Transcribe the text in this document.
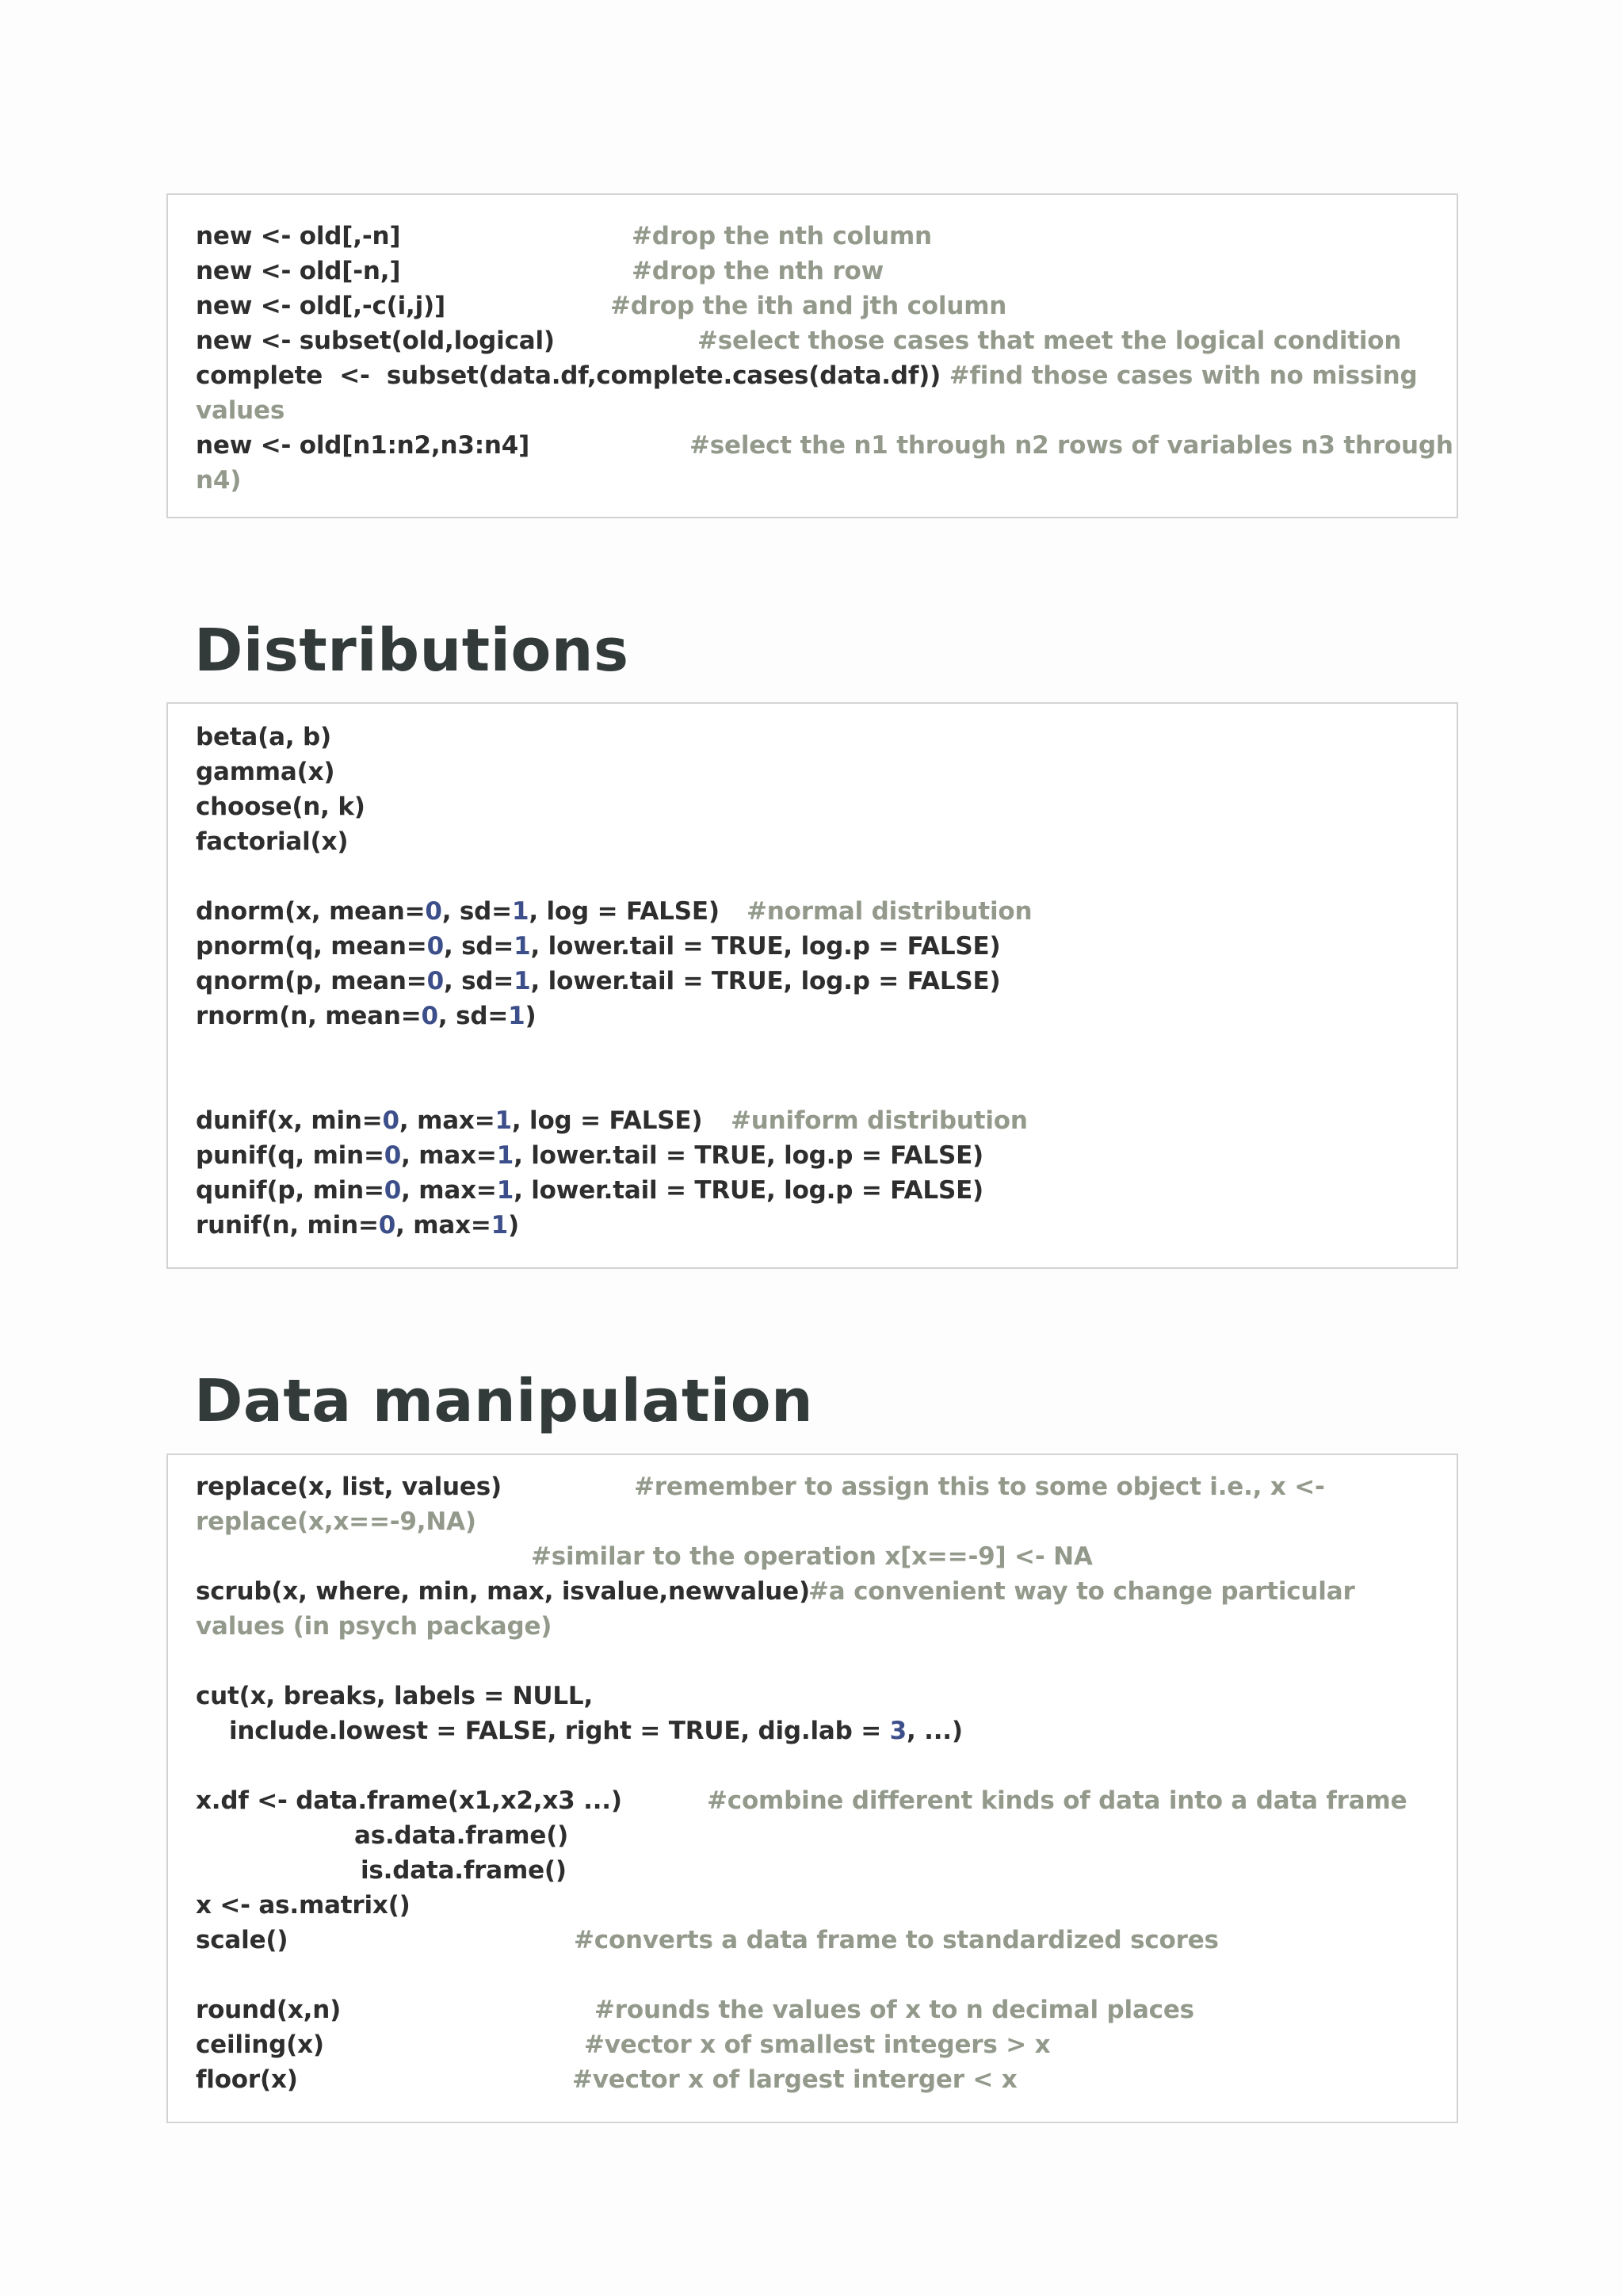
new <- old[,-n]	#drop the nth column
new <- old[-n,]	#drop the nth row
new <- old[,-c(i,j)]	#drop the ith and jth column
new <- subset(old,logical)	#select those cases that meet the logical condition
complete  <-  subset(data.df,complete.cases(data.df)) #find those cases with no missing
values
new <- old[n1:n2,n3:n4]	#select the n1 through n2 rows of variables n3 through
n4)
Distributions
beta(a, b)
gamma(x)
choose(n, k)
factorial(x)
dnorm(x, mean=0, sd=1, log = FALSE) #normal distribution
pnorm(q, mean=0, sd=1, lower.tail = TRUE, log.p = FALSE)
qnorm(p, mean=0, sd=1, lower.tail = TRUE, log.p = FALSE)
rnorm(n, mean=0, sd=1)
dunif(x, min=0, max=1, log = FALSE) #uniform distribution
punif(q, min=0, max=1, lower.tail = TRUE, log.p = FALSE)
qunif(p, min=0, max=1, lower.tail = TRUE, log.p = FALSE)
runif(n, min=0, max=1)
Data manipulation
replace(x, list, values)	#remember to assign this to some object i.e., x <-
replace(x,x==-9,NA)
#similar to the operation x[x==-9] <- NA
scrub(x, where, min, max, isvalue,newvalue)
#a convenient way to change particular
values (in psych package)
cut(x, breaks, labels = NULL,
include.lowest = FALSE, right = TRUE, dig.lab = 3, ...)
x.df <- data.frame(x1,x2,x3 ...)	#combine different kinds of data into a data frame
as.data.frame()
is.data.frame()
x <- as.matrix()
scale()	#converts a data frame to standardized scores
round(x,n)	#rounds the values of x to n decimal places
ceiling(x)	#vector x of smallest integers > x
floor(x)	#vector x of largest interger < x
